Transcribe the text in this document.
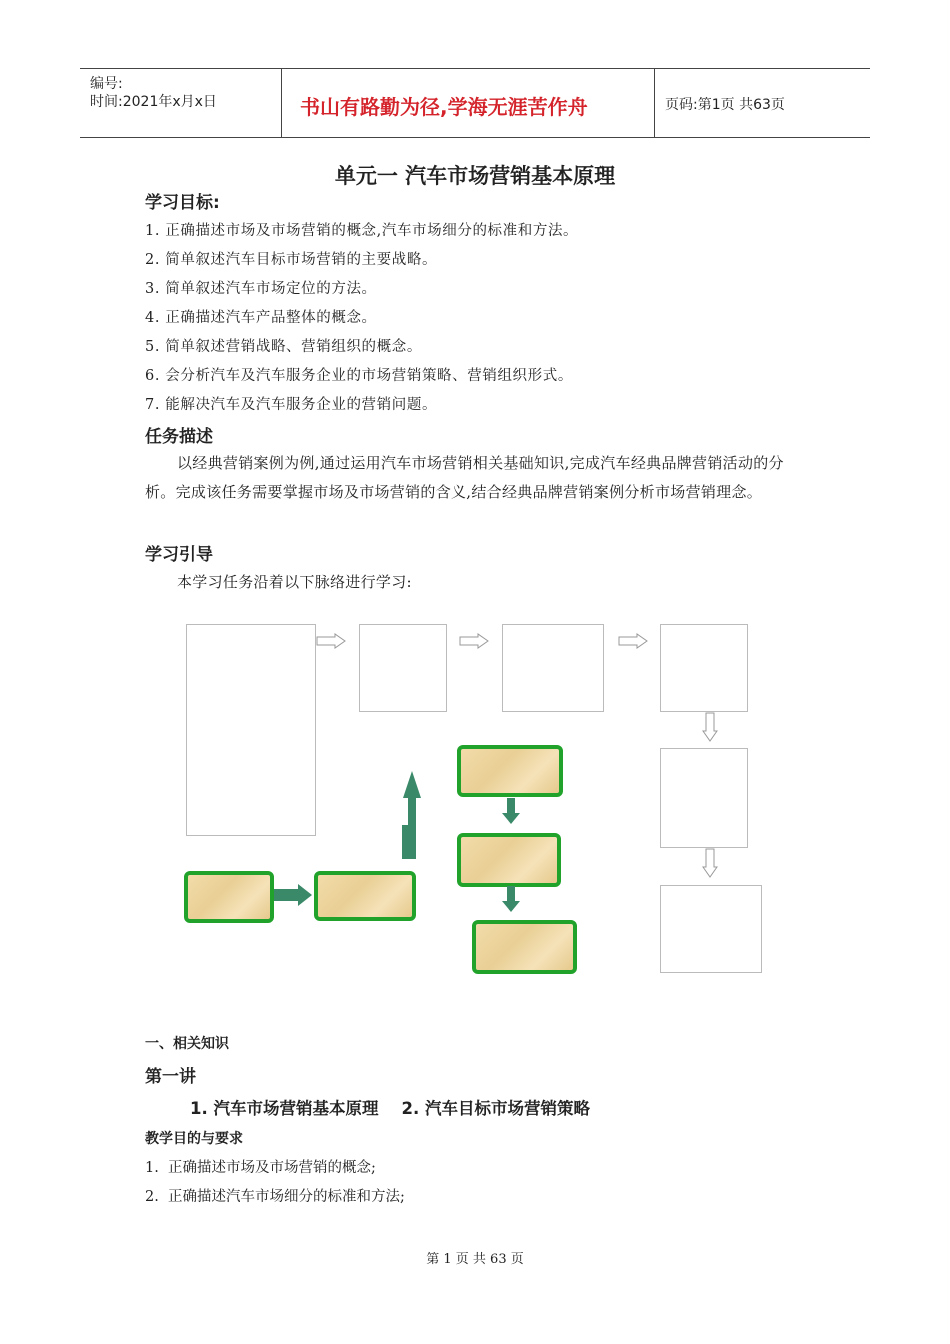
编号:
时间:2021年x月x日	书山有路勤为径,学海无涯苦作舟	页码:第1页 共63页
单元一 汽车市场营销基本原理
学习目标:
1. 正确描述市场及市场营销的概念,汽车市场细分的标准和方法。
2. 简单叙述汽车目标市场营销的主要战略。
3. 简单叙述汽车市场定位的方法。
4. 正确描述汽车产品整体的概念。
5. 简单叙述营销战略、营销组织的概念。
6. 会分析汽车及汽车服务企业的市场营销策略、营销组织形式。
7. 能解决汽车及汽车服务企业的营销问题。
任务描述
以经典营销案例为例,通过运用汽车市场营销相关基础知识,完成汽车经典品牌营销活动的分析。完成该任务需要掌握市场及市场营销的含义,结合经典品牌营销案例分析市场营销理念。
学习引导
本学习任务沿着以下脉络进行学习:
一、相关知识
第一讲
1. 汽车市场营销基本原理    2. 汽车目标市场营销策略
教学目的与要求
1.  正确描述市场及市场营销的概念;
2.  正确描述汽车市场细分的标准和方法;
第 1 页 共 63 页
